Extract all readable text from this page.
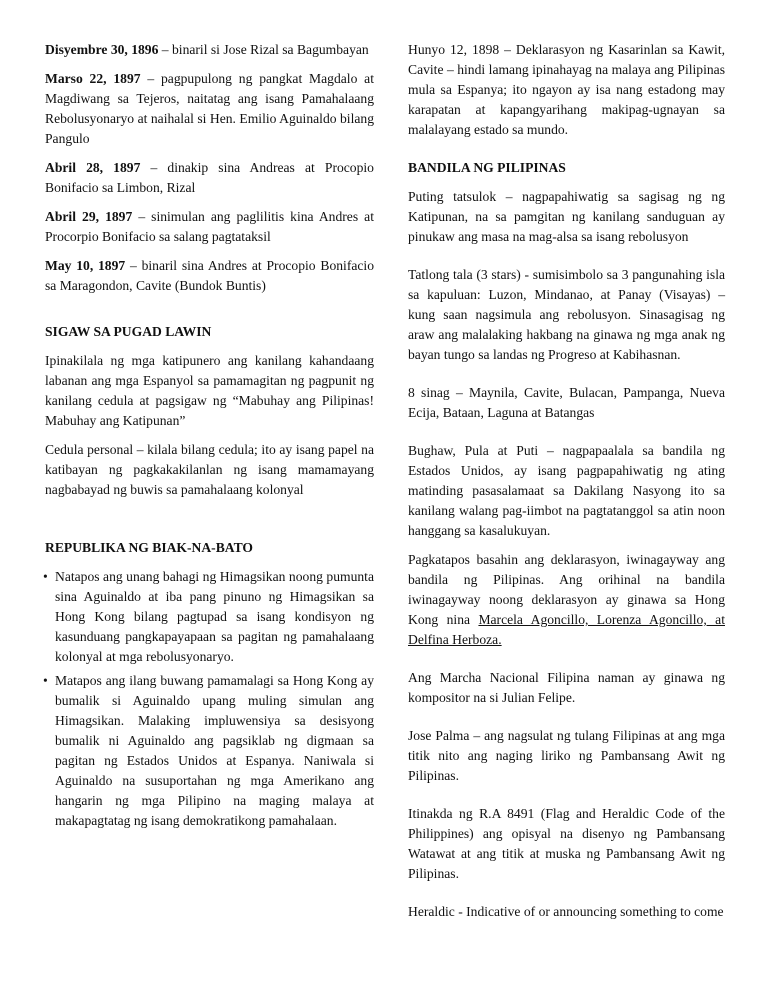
Disyembre 30, 1896 – binaril si Jose Rizal sa Bagumbayan

Marso 22, 1897 – pagpupulong ng pangkat Magdalo at Magdiwang sa Tejeros, naitatag ang isang Pamahalaang Rebolusyonaryo at naihalal si Hen. Emilio Aguinaldo bilang Pangulo

Abril 28, 1897 – dinakip sina Andreas at Procopio Bonifacio sa Limbon, Rizal

Abril 29, 1897 – sinimulan ang paglilitis kina Andres at Procorpio Bonifacio sa salang pagtataksil

May 10, 1897 – binaril sina Andres at Procopio Bonifacio sa Maragondon, Cavite (Bundok Buntis)

SIGAW SA PUGAD LAWIN

Ipinakilala ng mga katipunero ang kanilang kahandaang labanan ang mga Espanyol sa pamamagitan ng pagpunit ng kanilang cedula at pagsigaw ng “Mabuhay ang Pilipinas! Mabuhay ang Katipunan”

Cedula personal – kilala bilang cedula; ito ay isang papel na katibayan ng pagkakakilanlan ng isang mamamayang nagbabayad ng buwis sa pamahalaang kolonyal

REPUBLIKA NG BIAK-NA-BATO
• Natapos ang unang bahagi ng Himagsikan noong pumunta sina Aguinaldo at iba pang pinuno ng Himagsikan sa Hong Kong bilang pagtupad sa isang kondisyon ng kasunduang pangkapayapaan sa pagitan ng pamahalaang kolonyal at mga rebolusyonaryo.
• Matapos ang ilang buwang pamamalagi sa Hong Kong ay bumalik si Aguinaldo upang muling simulan ang Himagsikan. Malaking impluwensiya sa desisyong bumalik ni Aguinaldo ang pagsiklab ng digmaan sa pagitan ng Estados Unidos at Espanya. Naniwala si Aguinaldo na susuportahan ng mga Amerikano ang hangarin ng mga Pilipino na maging malaya at makapagtatag ng isang demokratikong pamahalaan.

Hunyo 12, 1898 – Deklarasyon ng Kasarinlan sa Kawit, Cavite – hindi lamang ipinahayag na malaya ang Pilipinas mula sa Espanya; ito ngayon ay isa nang estadong may karapatan at kapangyarihang makipag-ugnayan sa malalayang estado sa mundo.

BANDILA NG PILIPINAS

Puting tatsulok – nagpapahiwatig sa sagisag ng ng Katipunan, na sa pamgitan ng kanilang sanduguan ay pinukaw ang masa na mag-alsa sa isang rebolusyon

Tatlong tala (3 stars) - sumisimbolo sa 3 pangunahing isla sa kapuluan: Luzon, Mindanao, at Panay (Visayas) – kung saan nagsimula ang rebolusyon. Sinasagisag ng araw ang malalaking hakbang na ginawa ng mga anak ng bayan tungo sa landas ng Progreso at Kabihasnan.

8 sinag – Maynila, Cavite, Bulacan, Pampanga, Nueva Ecija, Bataan, Laguna at Batangas

Bughaw, Pula at Puti – nagpapaalala sa bandila ng Estados Unidos, ay isang pagpapahiwatig ng ating matinding pasasalamaat sa Dakilang Nasyong ito sa kanilang walang pag-iimbot na pagtatanggol sa atin noon hanggang sa kasalukuyan.

Pagkatapos basahin ang deklarasyon, iwinagayway ang bandila ng Pilipinas. Ang orihinal na bandila iwinagayway noong deklarasyon ay ginawa sa Hong Kong nina Marcela Agoncillo, Lorenza Agoncillo, at Delfina Herboza.

Ang Marcha Nacional Filipina naman ay ginawa ng kompositor na si Julian Felipe.

Jose Palma – ang nagsulat ng tulang Filipinas at ang mga titik nito ang naging liriko ng Pambansang Awit ng Pilipinas.

Itinakda ng R.A 8491 (Flag and Heraldic Code of the Philippines) ang opisyal na disenyo ng Pambansang Watawat at ang titik at muska ng Pambansang Awit ng Pilipinas.

Heraldic - Indicative of or announcing something to come
